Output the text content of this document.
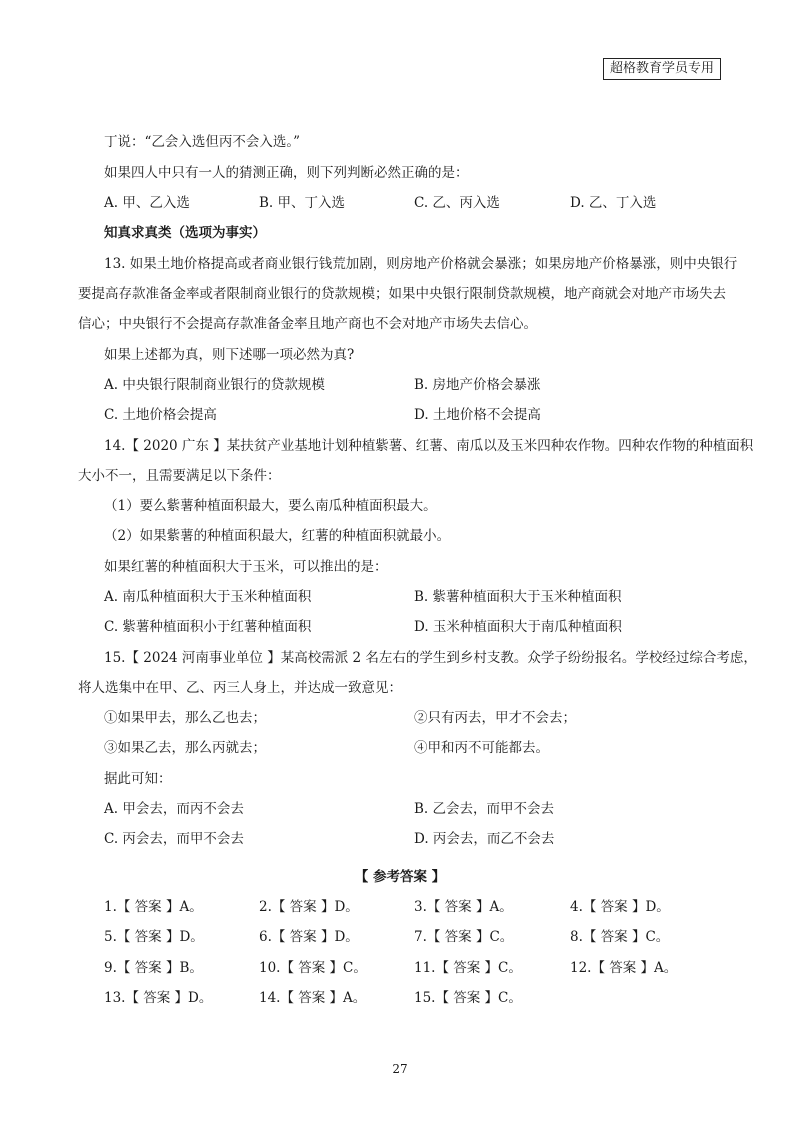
超格教育学员专用
丁说：“乙会入选但丙不会入选。”
如果四人中只有一人的猜测正确，则下列判断必然正确的是：
A. 甲、乙入选	B. 甲、丁入选	C. 乙、丙入选	D. 乙、丁入选
知真求真类（选项为事实）
13. 如果土地价格提高或者商业银行钱荒加剧，则房地产价格就会暴涨；如果房地产价格暴涨，则中央银行
要提高存款准备金率或者限制商业银行的贷款规模；如果中央银行限制贷款规模，地产商就会对地产市场失去
信心；中央银行不会提高存款准备金率且地产商也不会对地产市场失去信心。
如果上述都为真，则下述哪一项必然为真?
A. 中央银行限制商业银行的贷款规模	B. 房地产价格会暴涨
C. 土地价格会提高	D. 土地价格不会提高
14.【 2020 广东 】某扶贫产业基地计划种植紫薯、红薯、南瓜以及玉米四种农作物。四种农作物的种植面积
大小不一，且需要满足以下条件：
（1）要么紫薯种植面积最大，要么南瓜种植面积最大。
（2）如果紫薯的种植面积最大，红薯的种植面积就最小。
如果红薯的种植面积大于玉米，可以推出的是：
A. 南瓜种植面积大于玉米种植面积	B. 紫薯种植面积大于玉米种植面积
C. 紫薯种植面积小于红薯种植面积	D. 玉米种植面积大于南瓜种植面积
15.【 2024 河南事业单位 】某高校需派 2 名左右的学生到乡村支教。众学子纷纷报名。学校经过综合考虑，
将人选集中在甲、乙、丙三人身上，并达成一致意见：
①如果甲去，那么乙也去；	②只有丙去，甲才不会去；
③如果乙去，那么丙就去；	④甲和丙不可能都去。
据此可知：
A. 甲会去，而丙不会去	B. 乙会去，而甲不会去
C. 丙会去，而甲不会去	D. 丙会去，而乙不会去
【 参考答案 】
1.【 答案 】A。	2.【 答案 】D。	3.【 答案 】A。	4.【 答案 】D。
5.【 答案 】D。	6.【 答案 】D。	7.【 答案 】C。	8.【 答案 】C。
9.【 答案 】B。	10.【 答案 】C。	11.【 答案 】C。	12.【 答案 】A。
13.【 答案 】D。	14.【 答案 】A。	15.【 答案 】C。
27
